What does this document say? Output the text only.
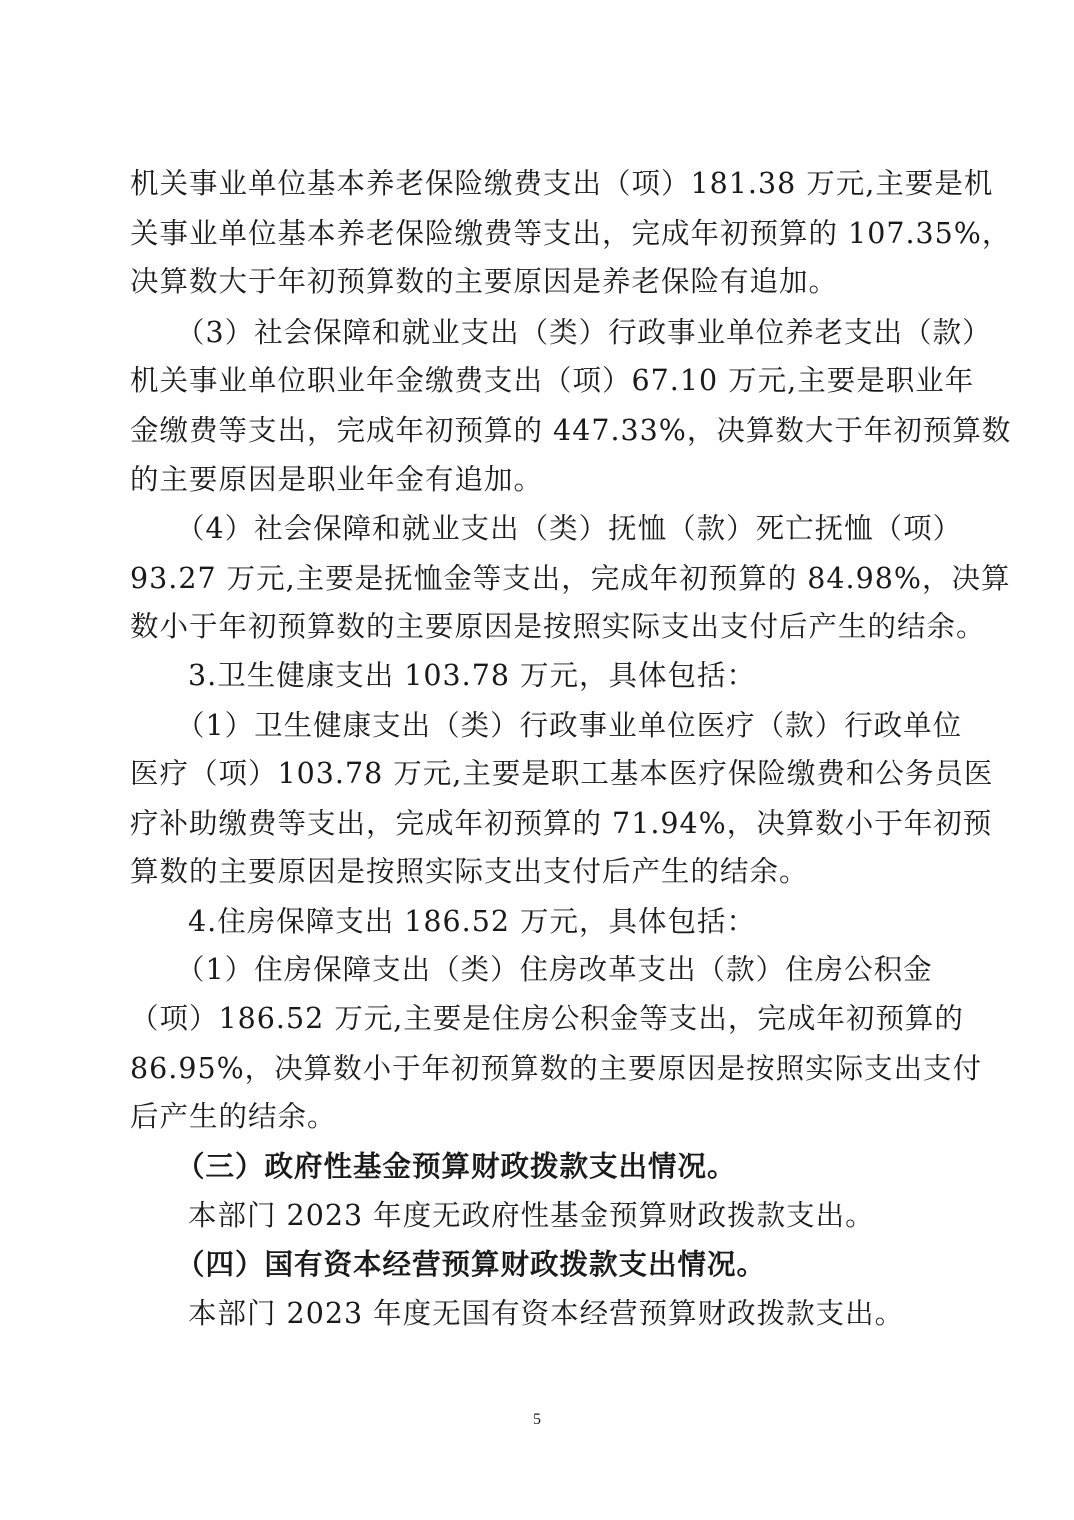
机关事业单位基本养老保险缴费支出（项）181.38 万元,主要是机
关事业单位基本养老保险缴费等支出，完成年初预算的 107.35%，
决算数大于年初预算数的主要原因是养老保险有追加。
（3）社会保障和就业支出（类）行政事业单位养老支出（款）
机关事业单位职业年金缴费支出（项）67.10 万元,主要是职业年
金缴费等支出，完成年初预算的 447.33%，决算数大于年初预算数
的主要原因是职业年金有追加。
（4）社会保障和就业支出（类）抚恤（款）死亡抚恤（项）
93.27 万元,主要是抚恤金等支出，完成年初预算的 84.98%，决算
数小于年初预算数的主要原因是按照实际支出支付后产生的结余。
3.卫生健康支出 103.78 万元，具体包括：
（1）卫生健康支出（类）行政事业单位医疗（款）行政单位
医疗（项）103.78 万元,主要是职工基本医疗保险缴费和公务员医
疗补助缴费等支出，完成年初预算的 71.94%，决算数小于年初预
算数的主要原因是按照实际支出支付后产生的结余。
4.住房保障支出 186.52 万元，具体包括：
（1）住房保障支出（类）住房改革支出（款）住房公积金
（项）186.52 万元,主要是住房公积金等支出，完成年初预算的
86.95%，决算数小于年初预算数的主要原因是按照实际支出支付
后产生的结余。
（三）政府性基金预算财政拨款支出情况。
本部门 2023 年度无政府性基金预算财政拨款支出。
（四）国有资本经营预算财政拨款支出情况。
本部门 2023 年度无国有资本经营预算财政拨款支出。
5
